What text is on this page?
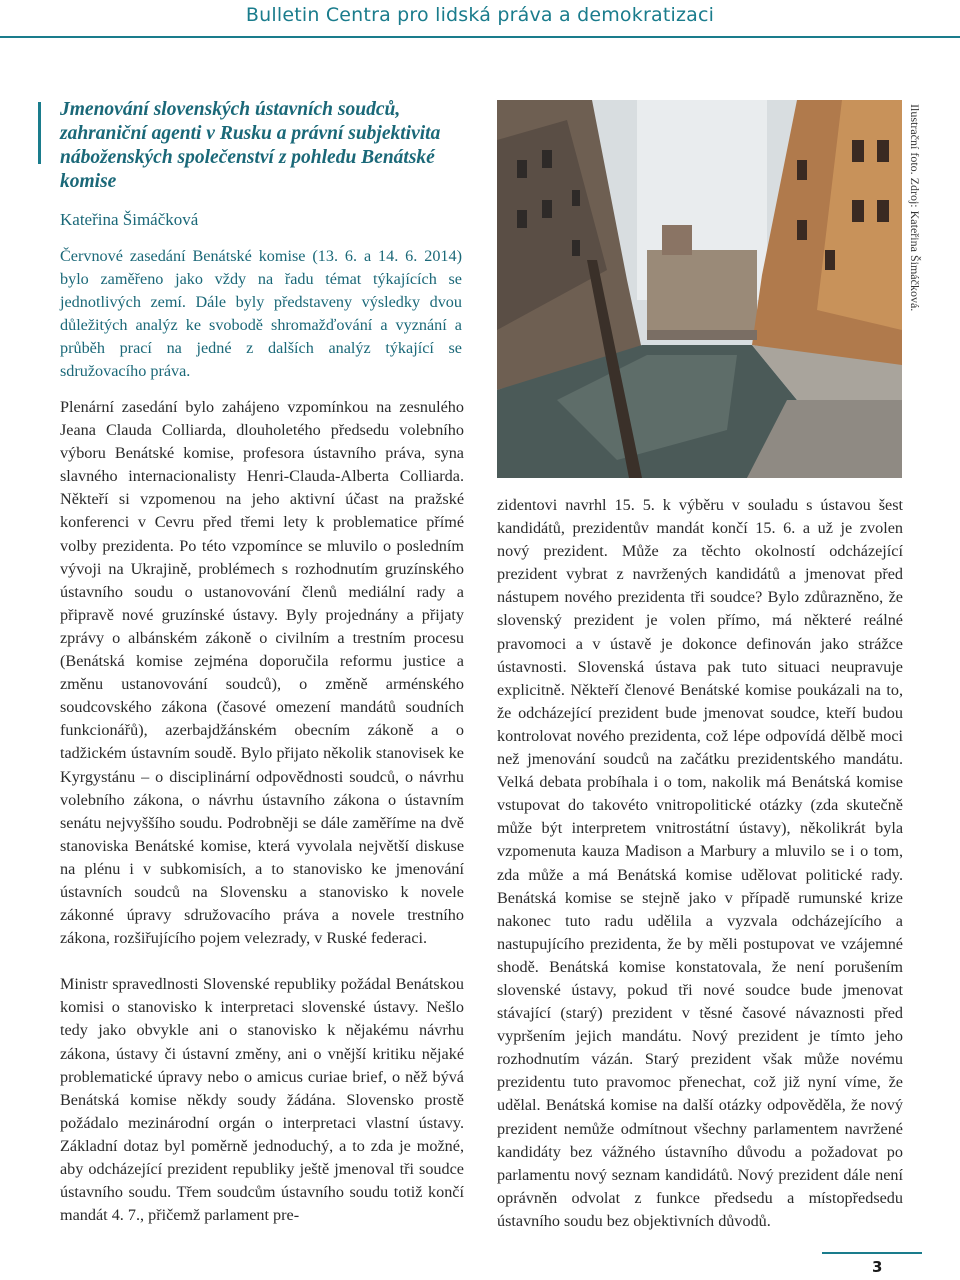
Bulletin Centra pro lidská práva a demokratizaci
Jmenování slovenských ústavních soudců, zahraniční agenti v Rusku a právní subjektivita náboženských společenství z pohledu Benátské komise
Kateřina Šimáčková

Červnové zasedání Benátské komise (13. 6. a 14. 6. 2014) bylo zaměřeno jako vždy na řadu témat týkajících se jednotlivých zemí. Dále byly představeny výsledky dvou důležitých analýz ke svobodě shromažďování a vyznání a průběh prací na jedné z dalších analýz týkající se sdružovacího práva.

Plenární zasedání bylo zahájeno vzpomínkou na zesnulého Jeana Clauda Colliarda, dlouholetého předsedu volebního výboru Benátské komise, profesora ústavního práva, syna slavného internacionalisty Henri-Clauda-Alberta Colliarda. Někteří si vzpomenou na jeho aktivní účast na pražské konferenci v Cevru před třemi lety k problematice přímé volby prezidenta. Po této vzpomínce se mluvilo o posledním vývoji na Ukrajině, problémech s rozhodnutím gruzínského ústavního soudu o ustanovování členů mediální rady a připravě nové gruzínské ústavy. Byly projednány a přijaty zprávy o albánském zákoně o civilním a trestním procesu (Benátská komise zejména doporučila reformu justice a změnu ustanovování soudců), o změně arménského soudcovského zákona (časové omezení mandátů soudních funkcionářů), azerbajdžánském obecním zákoně a o tadžickém ústavním soudě. Bylo přijato několik stanovisek ke Kyrgystánu – o disciplinární odpovědnosti soudců, o návrhu volebního zákona, o návrhu ústavního zákona o ústavním senátu nejvyššího soudu. Podrobněji se dále zaměříme na dvě stanoviska Benátské komise, která vyvolala největší diskuse na plénu i v subkomisích, a to stanovisko ke jmenování ústavních soudců na Slovensku a stanovisko k novele zákonné úpravy sdružovacího práva a novele trestního zákona, rozšiřujícího pojem velezrady, v Ruské federaci.

Ministr spravedlnosti Slovenské republiky požádal Benátskou komisi o stanovisko k interpretaci slovenské ústavy. Nešlo tedy jako obvykle ani o stanovisko k nějakému návrhu zákona, ústavy či ústavní změny, ani o vnější kritiku nějaké problematické úpravy nebo o amicus curiae brief, o něž bývá Benátská komise někdy soudy žádána. Slovensko prostě požádalo mezinárodní orgán o interpretaci vlastní ústavy. Základní dotaz byl poměrně jednoduchý, a to zda je možné, aby odcházející prezident republiky ještě jmenoval tři soudce ústavního soudu. Třem soudcům ústavního soudu totiž končí mandát 4. 7., přičemž parlament pre-

Ilustrační foto. Zdroj: Kateřina Šimáčková.

zidentovi navrhl 15. 5. k výběru v souladu s ústavou šest kandidátů, prezidentův mandát končí 15. 6. a už je zvolen nový prezident. Může za těchto okolností odcházející prezident vybrat z navržených kandidátů a jmenovat před nástupem nového prezidenta tři soudce? Bylo zdůrazněno, že slovenský prezident je volen přímo, má některé reálné pravomoci a v ústavě je dokonce definován jako strážce ústavnosti. Slovenská ústava pak tuto situaci neupravuje explicitně. Někteří členové Benátské komise poukázali na to, že odcházející prezident bude jmenovat soudce, kteří budou kontrolovat nového prezidenta, což lépe odpovídá dělbě moci než jmenování soudců na začátku prezidentského mandátu. Velká debata probíhala i o tom, nakolik má Benátská komise vstupovat do takovéto vnitropolitické otázky (zda skutečně může být interpretem vnitrostátní ústavy), několikrát byla vzpomenuta kauza Madison a Marbury a mluvilo se i o tom, zda může a má Benátská komise udělovat politické rady. Benátská komise se stejně jako v případě rumunské krize nakonec tuto radu udělila a vyzvala odcházejícího a nastupujícího prezidenta, že by měli postupovat ve vzájemné shodě. Benátská komise konstatovala, že není porušením slovenské ústavy, pokud tři nové soudce bude jmenovat stávající (starý) prezident v těsné časové návaznosti před vypršením jejich mandátu. Nový prezident je tímto jeho rozhodnutím vázán. Starý prezident však může novému prezidentu tuto pravomoc přenechat, což již nyní víme, že udělal. Benátská komise na další otázky odpověděla, že nový prezident nemůže odmítnout všechny parlamentem navržené kandidáty bez vážného ústavního důvodu a požadovat po parlamentu nový seznam kandidátů. Nový prezident dále není oprávněn odvolat z funkce předsedu a místopředsedu ústavního soudu bez objektivních důvodů.

3
